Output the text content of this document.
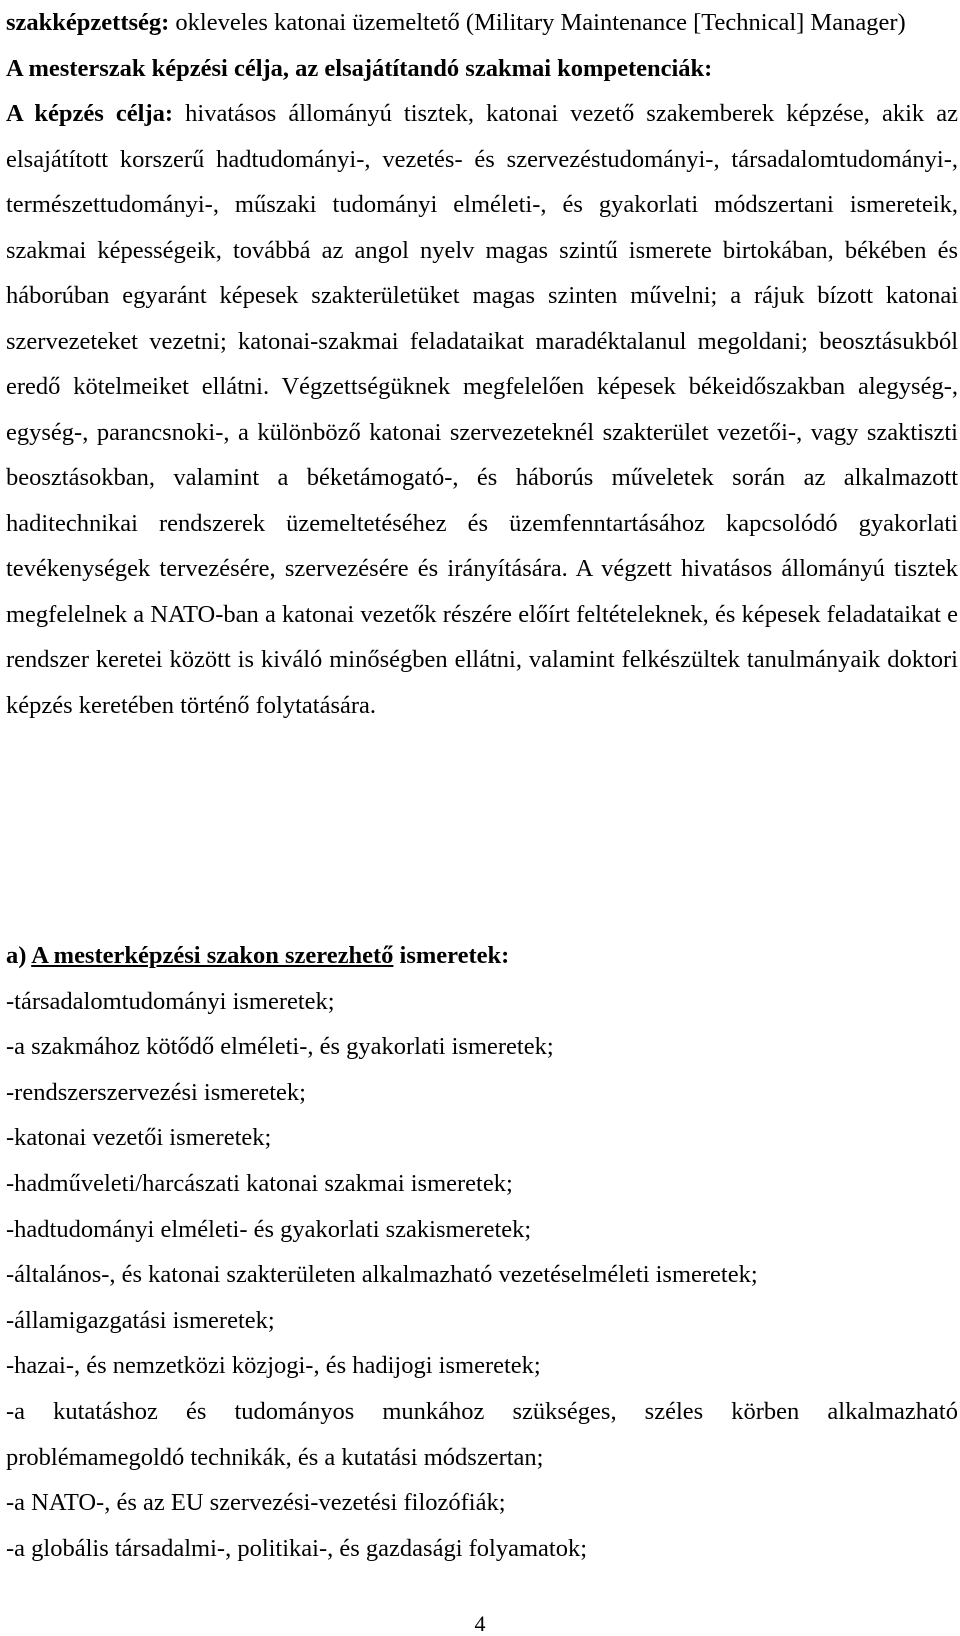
szakképzettség: okleveles katonai üzemeltető (Military Maintenance [Technical] Manager)

A mesterszak képzési célja, az elsajátítandó szakmai kompetenciák:

A képzés célja: hivatásos állományú tisztek, katonai vezető szakemberek képzése, akik az elsajátított korszerű hadtudományi-, vezetés- és szervezéstudományi-, társadalomtudományi-, természettudományi-, műszaki tudományi elméleti-, és gyakorlati módszertani ismereteik, szakmai képességeik, továbbá az angol nyelv magas szintű ismerete birtokában, békében és háborúban egyaránt képesek szakterületüket magas szinten művelni; a rájuk bízott katonai szervezeteket vezetni; katonai-szakmai feladataikat maradéktalanul megoldani; beosztásukból eredő kötelmeiket ellátni. Végzettségüknek megfelelően képesek békeidőszakban alegység-, egység-, parancsnoki-, a különböző katonai szervezeteknél szakterület vezetői-, vagy szaktiszti beosztásokban, valamint a béketámogató-, és háborús műveletek során az alkalmazott haditechnikai rendszerek üzemeltetéséhez és üzemfenntartásához kapcsolódó gyakorlati tevékenységek tervezésére, szervezésére és irányítására. A végzett hivatásos állományú tisztek megfelelnek a NATO-ban a katonai vezetők részére előírt feltételeknek, és képesek feladataikat e rendszer keretei között is kiváló minőségben ellátni, valamint felkészültek tanulmányaik doktori képzés keretében történő folytatására.

a) A mesterképzési szakon szerezhető ismeretek:

-társadalomtudományi ismeretek;
-a szakmához kötődő elméleti-, és gyakorlati ismeretek;
-rendszerszervezési ismeretek;
-katonai vezetői ismeretek;
-hadműveleti/harcászati katonai szakmai ismeretek;
-hadtudományi elméleti- és gyakorlati szakismeretek;
-általános-, és katonai szakterületen alkalmazható vezetéselméleti ismeretek;
-államigazgatási ismeretek;
-hazai-, és nemzetközi közjogi-, és hadijogi ismeretek;
-a kutatáshoz és tudományos munkához szükséges, széles körben alkalmazható problémamegoldó technikák, és a kutatási módszertan;
-a NATO-, és az EU szervezési-vezetési filozófiák;
-a globális társadalmi-, politikai-, és gazdasági folyamatok;
4
